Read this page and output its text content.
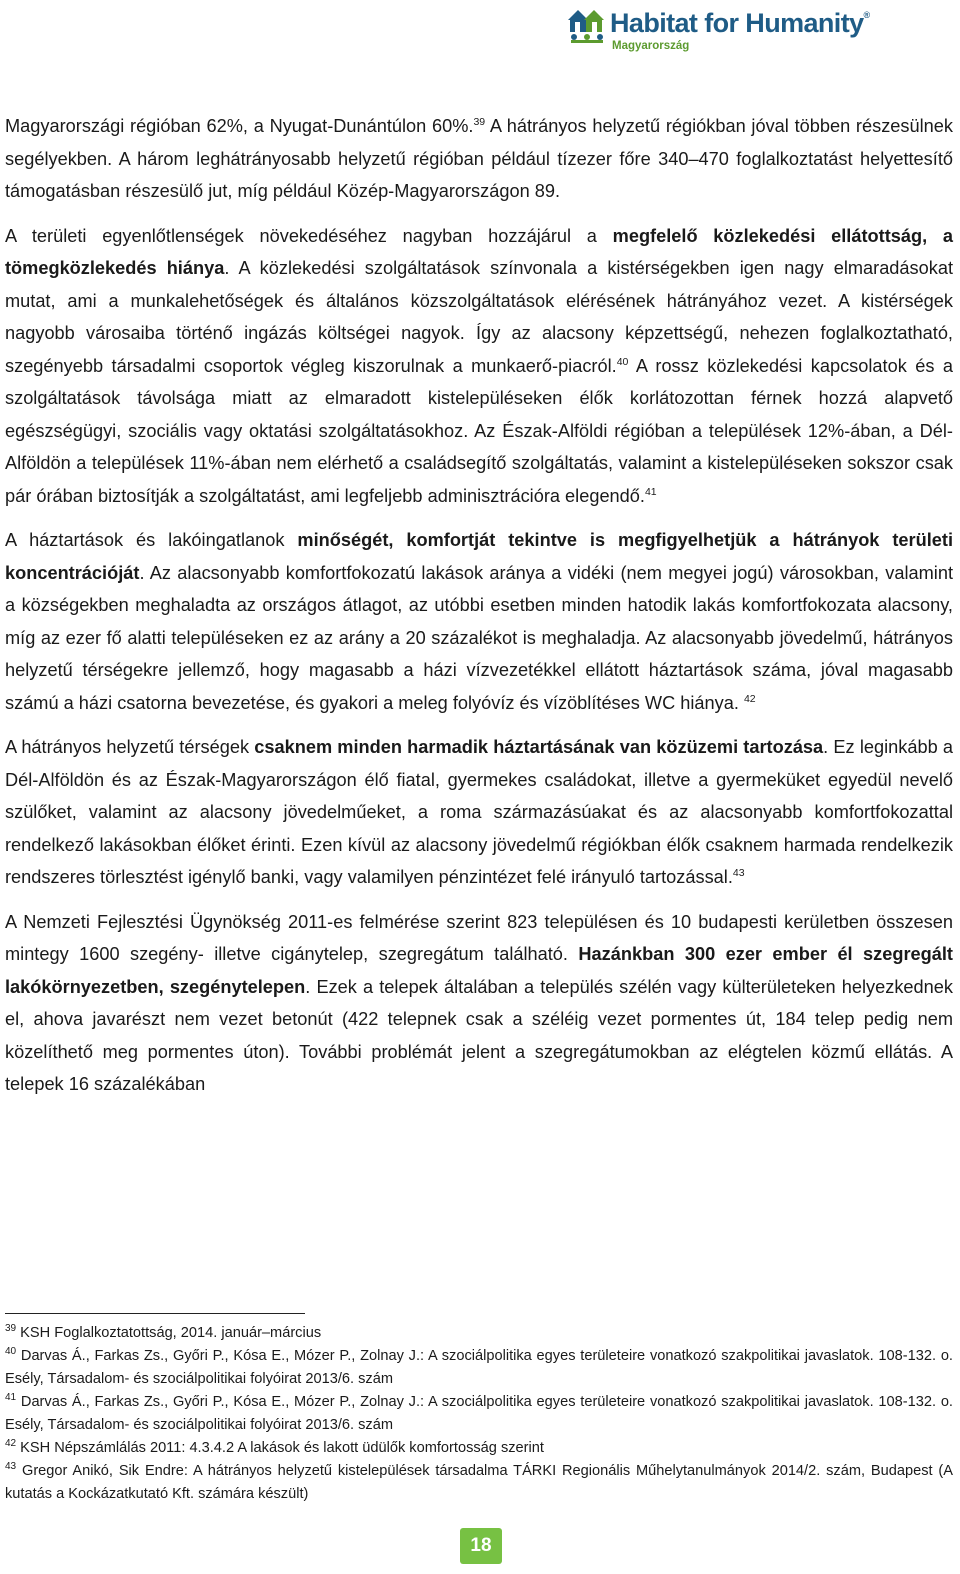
Habitat for Humanity®
Magyarország

Magyarországi régióban 62%, a Nyugat-Dunántúlon 60%.$^{39}$ A hátrányos helyzetű régiókban jóval többen részesülnek segélyekben. A három leghátrányosabb helyzetű régióban például tízezer főre 340–470 foglalkoztatást helyettesítő támogatásban részesülő jut, míg például Közép-Magyarországon 89.

A területi egyenlőtlenségek növekedéséhez nagyban hozzájárul a megfelelő közlekedési ellátottság, a tömegközlekedés hiánya. A közlekedési szolgáltatások színvonala a kistérségekben igen nagy elmaradásokat mutat, ami a munkalehetőségek és általános közszolgáltatások elérésének hátrányához vezet. A kistérségek nagyobb városaiba történő ingázás költségei nagyok. Így az alacsony képzettségű, nehezen foglalkoztatható, szegényebb társadalmi csoportok végleg kiszorulnak a munkaerő-piacról.$^{40}$ A rossz közlekedési kapcsolatok és a szolgáltatások távolsága miatt az elmaradott kistelepüléseken élők korlátozottan férnek hozzá alapvető egészségügyi, szociális vagy oktatási szolgáltatásokhoz. Az Észak-Alföldi régióban a települések 12%-ában, a Dél-Alföldön a települések 11%-ában nem elérhető a családsegítő szolgáltatás, valamint a kistelepüléseken sokszor csak pár órában biztosítják a szolgáltatást, ami legfeljebb adminisztrációra elegendő.$^{41}$

A háztartások és lakóingatlanok minőségét, komfortját tekintve is megfigyelhetjük a hátrányok területi koncentrációját. Az alacsonyabb komfortfokozatú lakások aránya a vidéki (nem megyei jogú) városokban, valamint a községekben meghaladta az országos átlagot, az utóbbi esetben minden hatodik lakás komfortfokozata alacsony, míg az ezer fő alatti településeken ez az arány a 20 százalékot is meghaladja. Az alacsonyabb jövedelmű, hátrányos helyzetű térségekre jellemző, hogy magasabb a házi vízvezetékkel ellátott háztartások száma, jóval magasabb számú a házi csatorna bevezetése, és gyakori a meleg folyóvíz és vízöblítéses WC hiánya. $^{42}$

A hátrányos helyzetű térségek csaknem minden harmadik háztartásának van közüzemi tartozása. Ez leginkább a Dél-Alföldön és az Észak-Magyarországon élő fiatal, gyermekes családokat, illetve a gyermeküket egyedül nevelő szülőket, valamint az alacsony jövedelműeket, a roma származásúakat és az alacsonyabb komfortfokozattal rendelkező lakásokban élőket érinti. Ezen kívül az alacsony jövedelmű régiókban élők csaknem harmada rendelkezik rendszeres törlesztést igénylő banki, vagy valamilyen pénzintézet felé irányuló tartozással.$^{43}$

A Nemzeti Fejlesztési Ügynökség 2011-es felmérése szerint 823 településen és 10 budapesti kerületben összesen mintegy 1600 szegény- illetve cigánytelep, szegregátum található. Hazánkban 300 ezer ember él szegregált lakókörnyezetben, szegénytelepen. Ezek a telepek általában a település szélén vagy külterületeken helyezkednek el, ahova javarészt nem vezet betonút (422 telepnek csak a széléig vezet pormentes út, 184 telep pedig nem közelíthető meg pormentes úton). További problémát jelent a szegregátumokban az elégtelen közmű ellátás. A telepek 16 százalékában

$^{39}$ KSH Foglalkoztatottság, 2014. január–március

$^{40}$ Darvas Á., Farkas Zs., Győri P., Kósa E., Mózer P., Zolnay J.: A szociálpolitika egyes területeire vonatkozó szakpolitikai javaslatok. 108-132. o. Esély, Társadalom- és szociálpolitikai folyóirat 2013/6. szám

$^{41}$ Darvas Á., Farkas Zs., Győri P., Kósa E., Mózer P., Zolnay J.: A szociálpolitika egyes területeire vonatkozó szakpolitikai javaslatok. 108-132. o. Esély, Társadalom- és szociálpolitikai folyóirat 2013/6. szám

$^{42}$ KSH Népszámlálás 2011: 4.3.4.2 A lakások és lakott üdülők komfortosság szerint

$^{43}$ Gregor Anikó, Sik Endre: A hátrányos helyzetű kistelepülések társadalma TÁRKI Regionális Műhelytanulmányok 2014/2. szám, Budapest (A kutatás a Kockázatkutató Kft. számára készült)

18
